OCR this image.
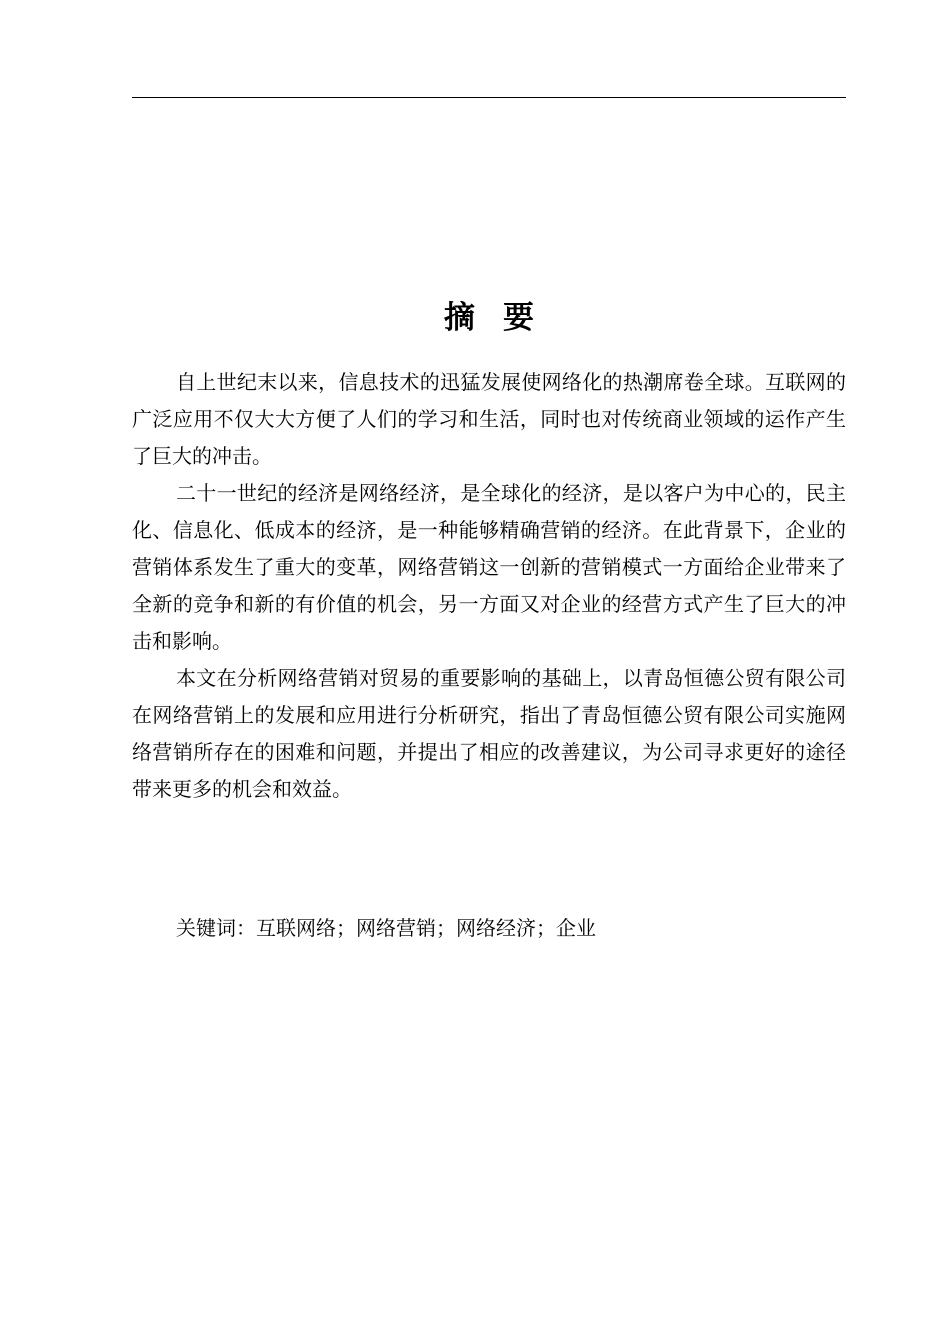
摘 要

自上世纪末以来，信息技术的迅猛发展使网络化的热潮席卷全球。互联网的广泛应用不仅大大方便了人们的学习和生活，同时也对传统商业领域的运作产生了巨大的冲击。

二十一世纪的经济是网络经济，是全球化的经济，是以客户为中心的，民主化、信息化、低成本的经济，是一种能够精确营销的经济。在此背景下，企业的营销体系发生了重大的变革，网络营销这一创新的营销模式一方面给企业带来了全新的竞争和新的有价值的机会，另一方面又对企业的经营方式产生了巨大的冲击和影响。

本文在分析网络营销对贸易的重要影响的基础上，以青岛恒德公贸有限公司在网络营销上的发展和应用进行分析研究，指出了青岛恒德公贸有限公司实施网络营销所存在的困难和问题，并提出了相应的改善建议，为公司寻求更好的途径带来更多的机会和效益。

关键词：互联网络；网络营销；网络经济；企业
